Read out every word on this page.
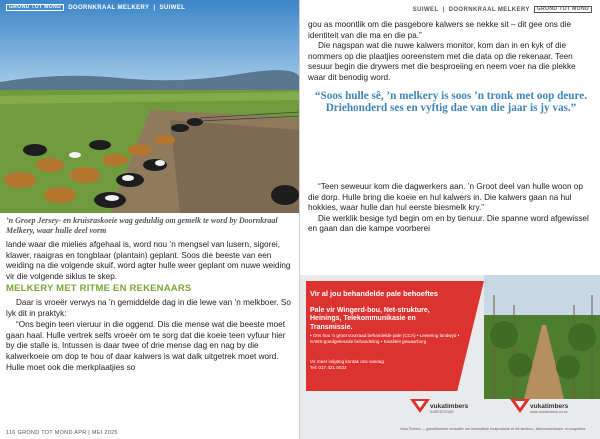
GROND TOT MOND	DOORNKRAAL MELKERY | SUIWEL
’n Groep Jersey- en kruisraskoeie wag geduldig om gemelk te word by Doornkraal Melkery, waar hulle deel vorm

lande waar die mielies afgehaal is, word nou ’n mengsel van lusern, sigorei, klawer, raaigras en tongblaar (plantain) geplant. Soos die beeste van een weiding na die volgende skuif, word agter hulle weer geplant om nuwe weiding vir die volgende siklus te skep.

MELKERY MET RITME EN REKENAARS

Daar is vroeër verwys na ’n gemiddelde dag in die lewe van ’n melkboer. So lyk dit in praktyk:

“Ons begin teen vieruur in die oggend. Dis die mense wat die beeste moet gaan haal. Hulle vertrek selfs vroeër om te sorg dat die koeie teen vyfuur hier by die stalle is. Intussen is daar twee of drie mense dag en nag by die kalwerkoeie om dop te hou of daar kalwers is wat dalk uitgetrek moet word. Hulle moet ook die merkplaatjies so

116 GROND TOT MOND APR | MEI 2025
SUIWEL | DOORNKRAAL MELKERY	GROND TOT MOND

gou as moontlik om die pasgebore kalwers se nekke sit – dit gee ons die identiteit van die ma en die pa.”

Die nagspan wat die nuwe kalwers monitor, kom dan in en kyk of die nommers op die plaatjies ooreenstem met die data op die rekenaar. Teen sesuur begin die drywers met die besproeiing en neem voer na die plekke waar dit benodig word.

“Soos hulle sê, ’n melkery is soos ’n tronk met oop deure. Driehonderd ses en vyftig dae van die jaar is jy vas.”

“Teen seweuur kom die dagwerkers aan. ’n Groot deel van hulle woon op die dorp. Hulle bring die koeie en hul kalwers in. Die kalwers gaan na hul hokkies, waar hulle dan hul eerste biesmelk kry.”

Die werklik besige tyd begin om en by tienuur. Die spanne word afgewissel en gaan dan die kampe voorberei

Vir al jou behandelde pale behoeftes
Pale vir Wingerd-bou, Net-strukture, Heinings, Telekommunikasie en Transmissie.
• Ons hou ’n groot voorraad behandelde pale (CCA) • Lewering landwyd • SABS-goedgekeurde behandeling • Kwaliteit gewaarborg
Vir meer inligting kontak ons vandag
Tel: 017 421 0032
vukatimbers
KAREEDOUW
vukatimbers
www.vukatimbers.co.za
Vuka Timbers — gesertifiseerde verskaffer van behandelde houtprodukte vir die landbou-, telekommunikasie- en kragsektor.
